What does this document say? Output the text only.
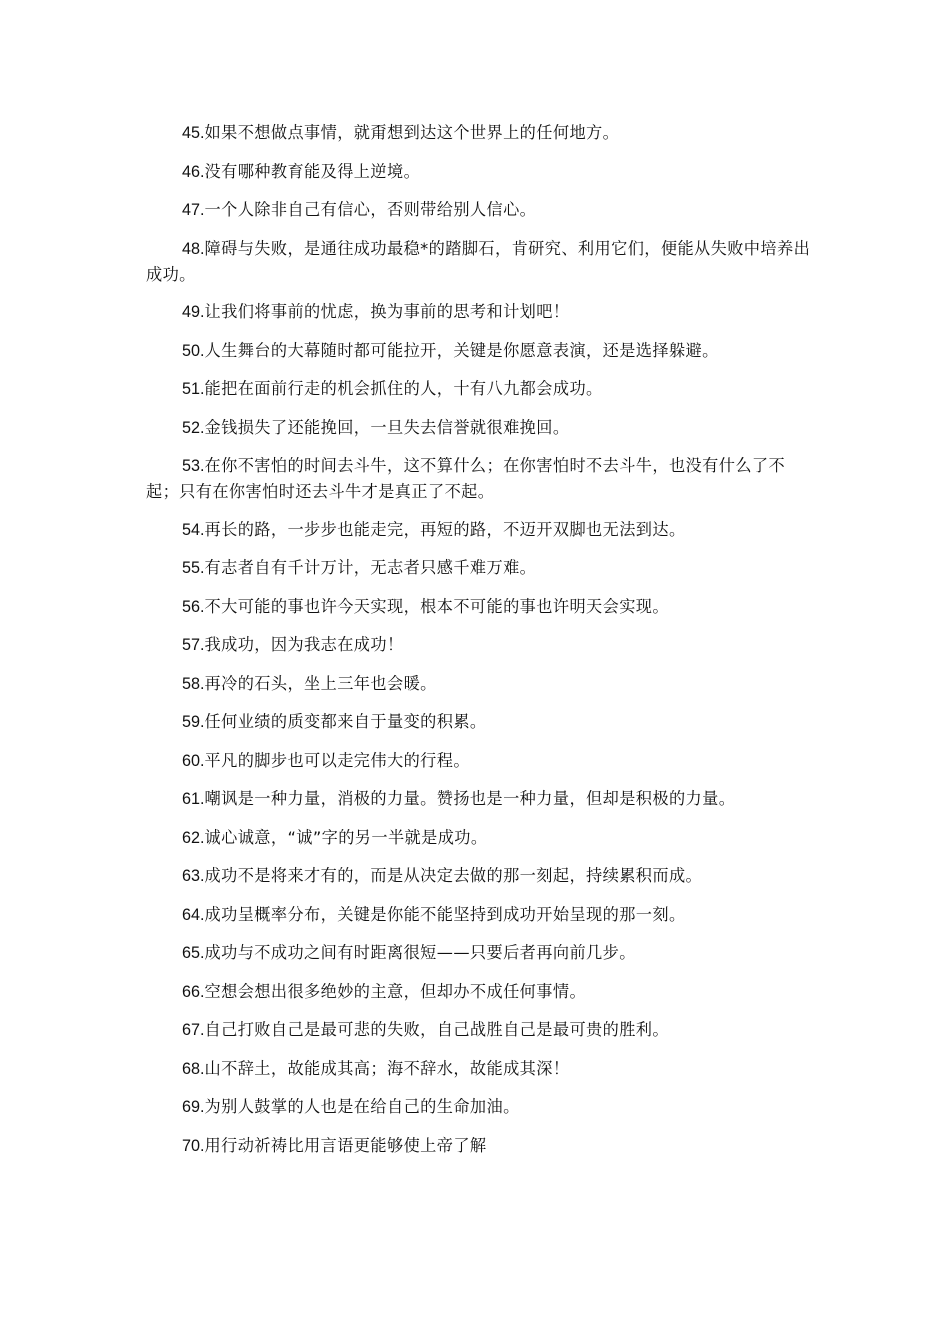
45.如果不想做点事情，就甭想到达这个世界上的任何地方。

46.没有哪种教育能及得上逆境。

47.一个人除非自己有信心，否则带给别人信心。

48.障碍与失败，是通往成功最稳*的踏脚石，肯研究、利用它们，便能从失败中培养出成功。

49.让我们将事前的忧虑，换为事前的思考和计划吧！

50.人生舞台的大幕随时都可能拉开，关键是你愿意表演，还是选择躲避。

51.能把在面前行走的机会抓住的人，十有八九都会成功。

52.金钱损失了还能挽回，一旦失去信誉就很难挽回。

53.在你不害怕的时间去斗牛，这不算什么；在你害怕时不去斗牛，也没有什么了不起；只有在你害怕时还去斗牛才是真正了不起。

54.再长的路，一步步也能走完，再短的路，不迈开双脚也无法到达。

55.有志者自有千计万计，无志者只感千难万难。

56.不大可能的事也许今天实现，根本不可能的事也许明天会实现。

57.我成功，因为我志在成功！

58.再冷的石头，坐上三年也会暖。

59.任何业绩的质变都来自于量变的积累。

60.平凡的脚步也可以走完伟大的行程。

61.嘲讽是一种力量，消极的力量。赞扬也是一种力量，但却是积极的力量。

62.诚心诚意，“诚”字的另一半就是成功。

63.成功不是将来才有的，而是从决定去做的那一刻起，持续累积而成。

64.成功呈概率分布，关键是你能不能坚持到成功开始呈现的那一刻。

65.成功与不成功之间有时距离很短——只要后者再向前几步。

66.空想会想出很多绝妙的主意，但却办不成任何事情。

67.自己打败自己是最可悲的失败，自己战胜自己是最可贵的胜利。

68.山不辞土，故能成其高；海不辞水，故能成其深！

69.为别人鼓掌的人也是在给自己的生命加油。

70.用行动祈祷比用言语更能够使上帝了解
